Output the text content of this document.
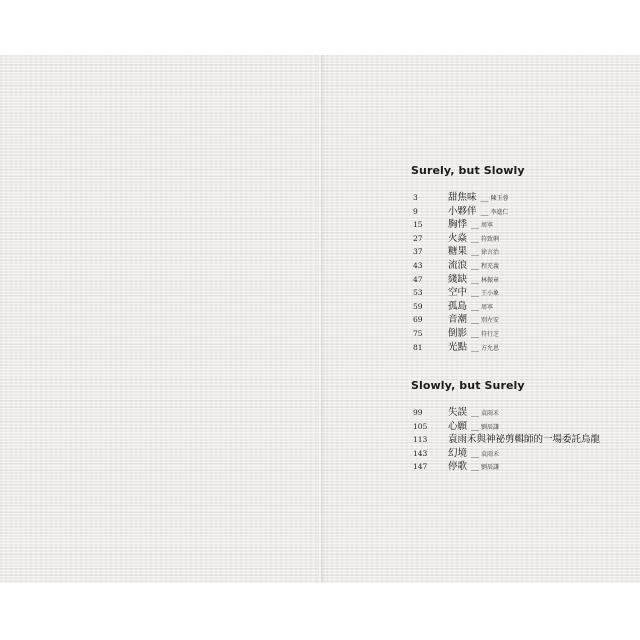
Surely, but Slowly
3	甜焦味 __ 陳玉蓉
9	小夥伴 __ 李進仁
15	胸悸 __ 周寧
27	火焱 __ 符致俐
37	糖果 __ 徐言治
43	流浪 __ 程充義
47	綫缺 __ 林振章
53	空中 __ 王小象
59	孤島 __ 周寧
69	音潮 __ 別左安
75	倒影 __ 符行芝
81	光點 __ 方允恩
Slowly, but Surely
99	失誤 __ 袁雨禾
105	心願 __ 劉辰謙
113	袁雨禾與神祕剪輯師的一場委託烏龍
143	幻境 __ 袁雨禾
147	停歌 __ 劉辰謙
